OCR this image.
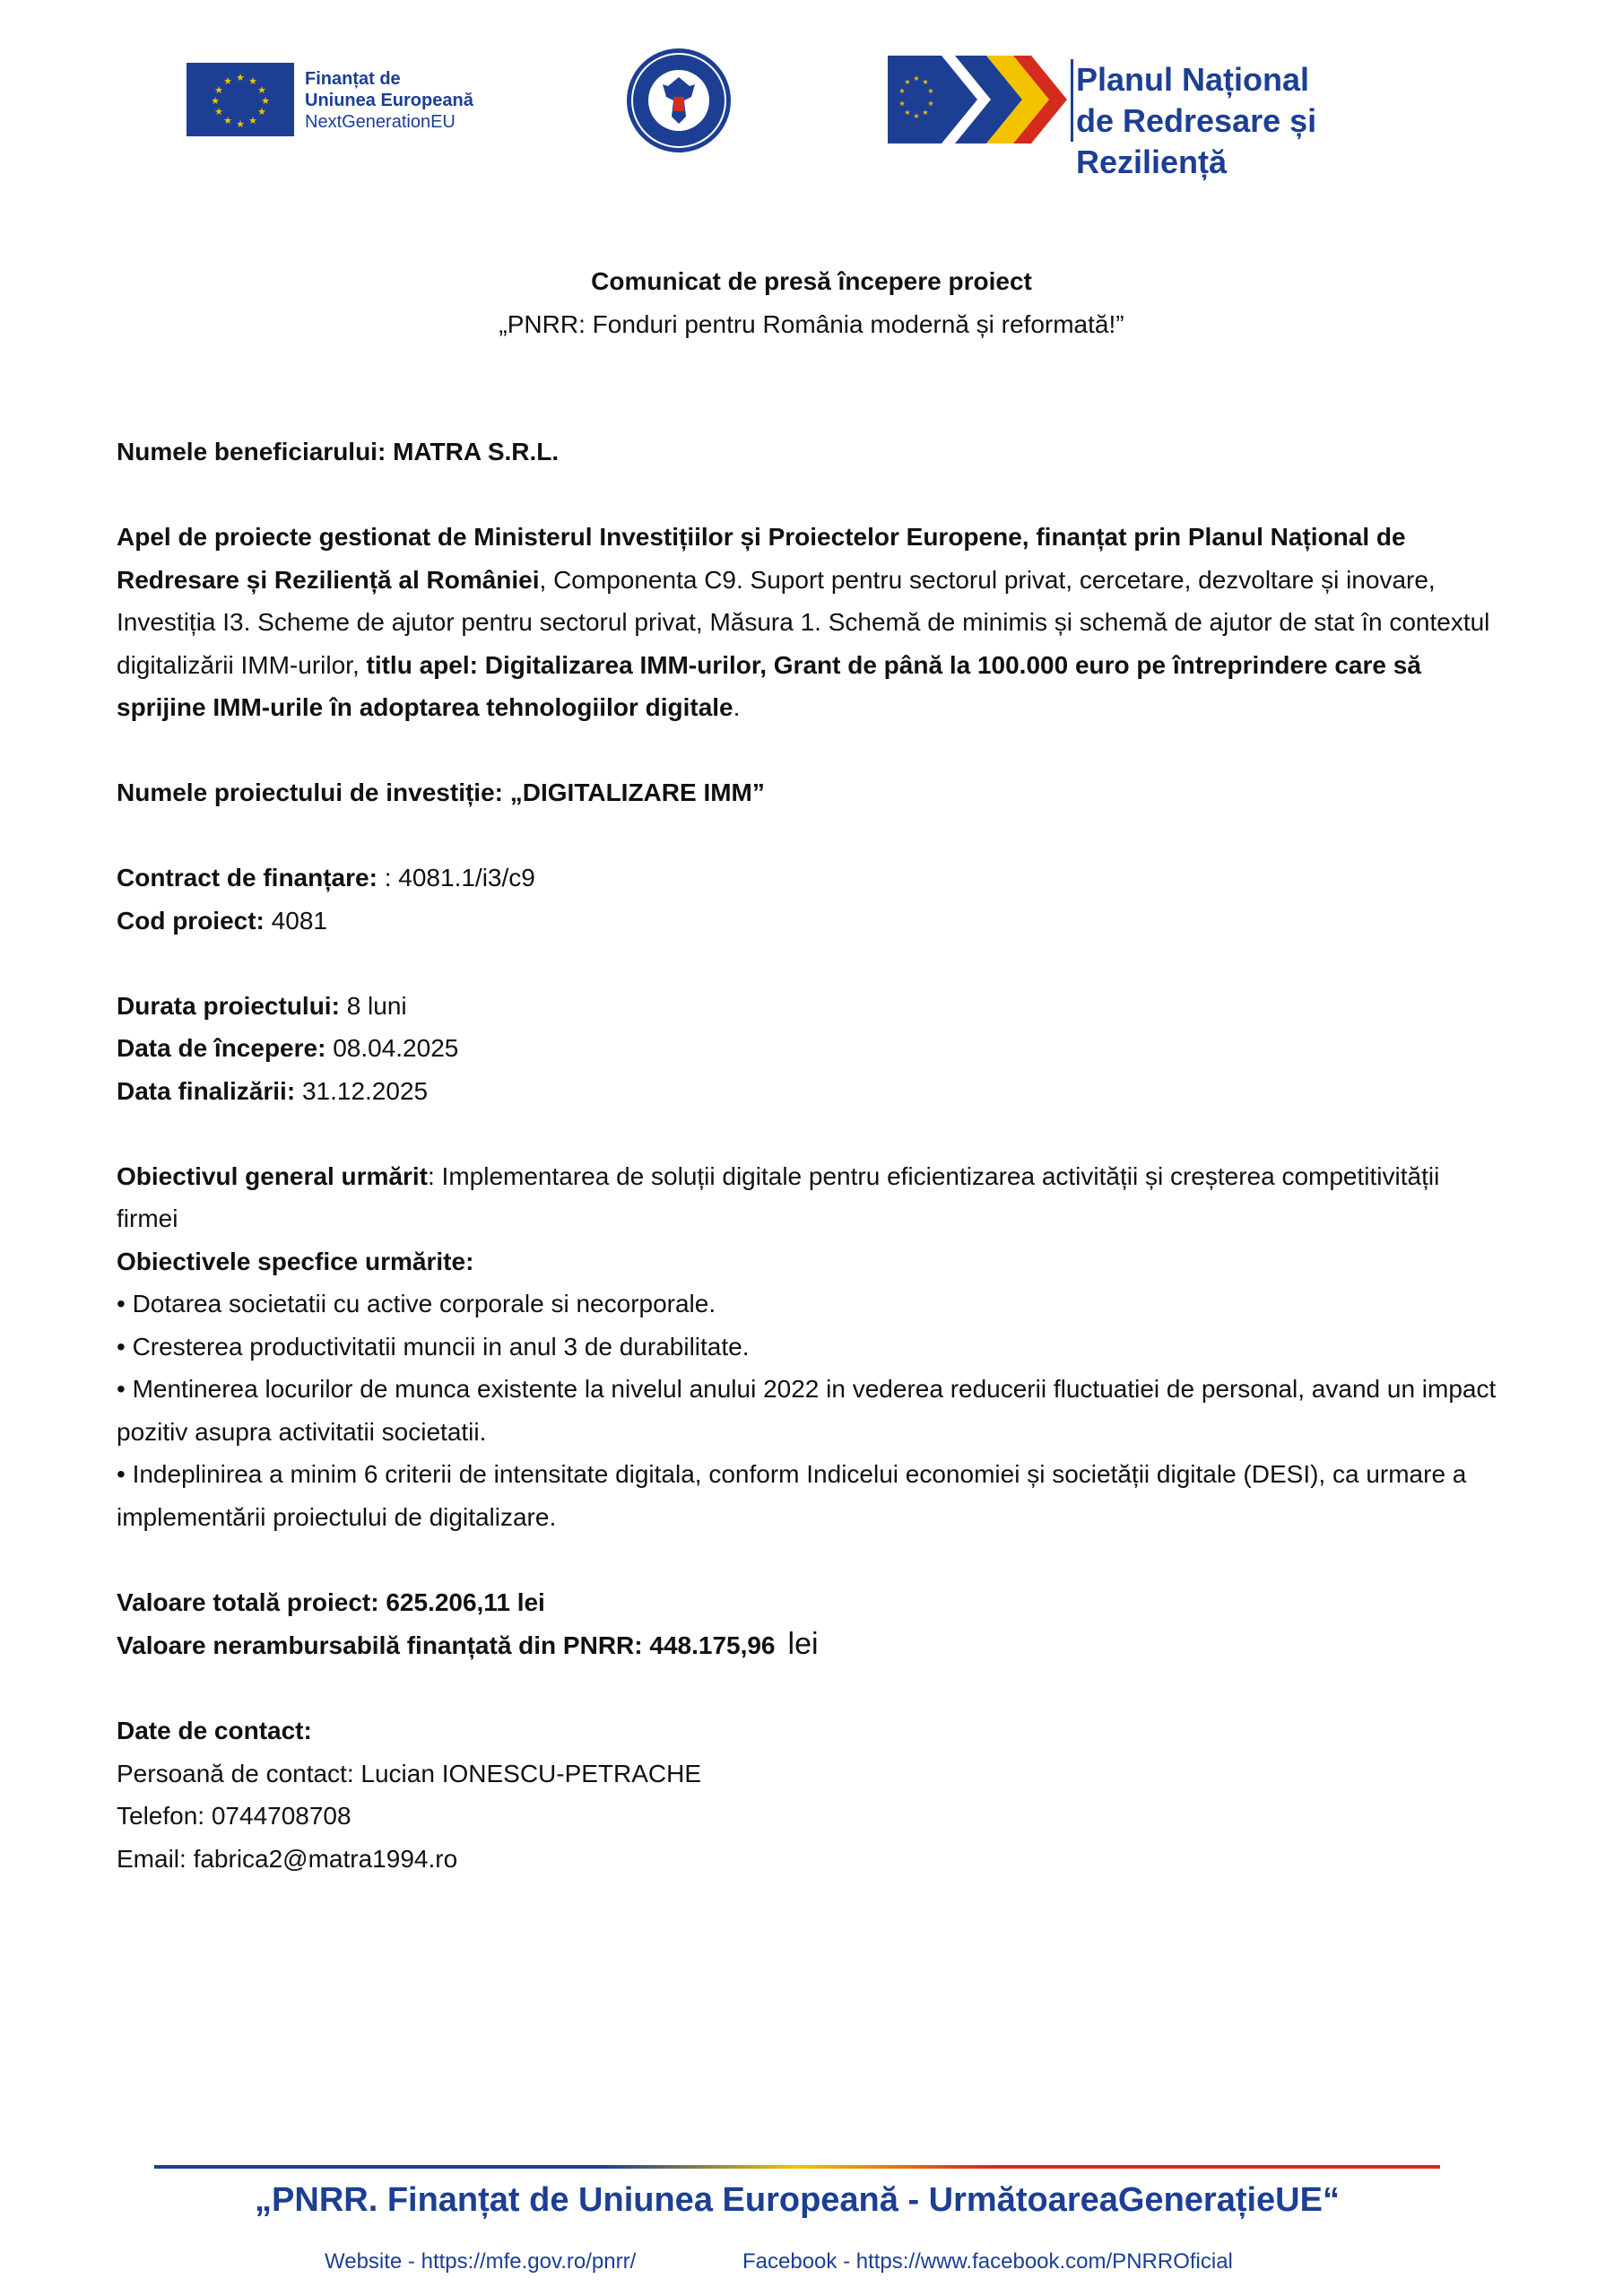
★ ★
★
★
★
★
★
★
★
★
★
★	Finanțat de
Uniunea Europeană
NextGenerationEU
★ ★
★
★
★
★
★
★
★
★	Planul Național
de Redresare și Reziliență

Comunicat de presă începere proiect

„PNRR: Fonduri pentru România modernă și reformată!”

Numele beneficiarului: MATRA S.R.L.

Apel de proiecte gestionat de Ministerul Investițiilor și Proiectelor Europene, finanțat prin Planul Național de Redresare și Reziliență al României, Componenta C9. Suport pentru sectorul privat, cercetare, dezvoltare și inovare, Investiția I3. Scheme de ajutor pentru sectorul privat, Măsura 1. Schemă de minimis și schemă de ajutor de stat în contextul digitalizării IMM-urilor, titlu apel: Digitalizarea IMM-urilor, Grant de până la 100.000 euro pe întreprindere care să sprijine IMM-urile în adoptarea tehnologiilor digitale.

Numele proiectului de investiție: „DIGITALIZARE IMM”

Contract de finanțare: : 4081.1/i3/c9

Cod proiect: 4081

Durata proiectului: 8 luni

Data de începere: 08.04.2025

Data finalizării: 31.12.2025

Obiectivul general urmărit: Implementarea de soluții digitale pentru eficientizarea activității și creșterea competitivității firmei

Obiectivele specfice urmărite:

• Dotarea societatii cu active corporale si necorporale.

• Cresterea productivitatii muncii in anul 3 de durabilitate.

• Mentinerea locurilor de munca existente la nivelul anului 2022 in vederea reducerii fluctuatiei de personal, avand un impact pozitiv asupra activitatii societatii.

• Indeplinirea a minim 6 criterii de intensitate digitala, conform Indicelui economiei și societății digitale (DESI), ca urmare a implementării proiectului de digitalizare.

Valoare totală proiect: 625.206,11 lei

Valoare nerambursabilă finanțată din PNRR: 448.175,96 lei

Date de contact:

Persoană de contact: Lucian IONESCU-PETRACHE

Telefon: 0744708708

Email: fabrica2@matra1994.ro

„PNRR. Finanțat de Uniunea Europeană - UrmătoareaGenerațieUE“
Website - https://mfe.gov.ro/pnrr/	Facebook - https://www.facebook.com/PNRROficial
